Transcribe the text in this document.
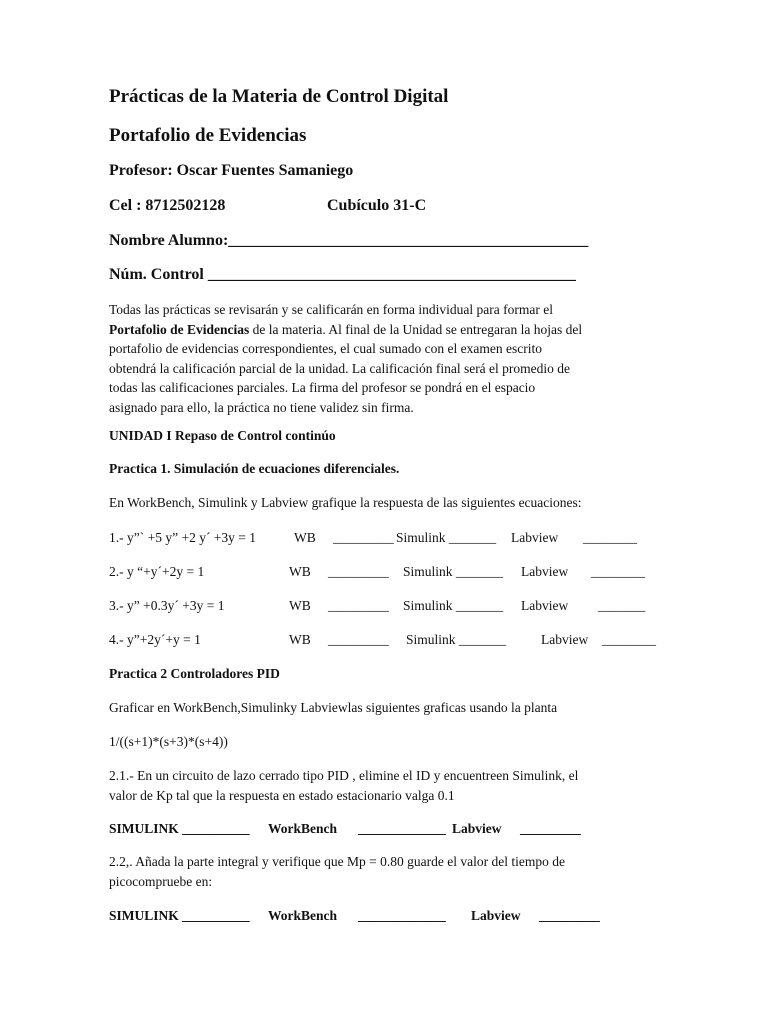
Prácticas de la Materia de Control Digital
Portafolio de Evidencias
Profesor: Oscar Fuentes Samaniego
Cel : 8712502128	Cubículo 31-C
Nombre Alumno:_____________________________________________
Núm. Control ______________________________________________
Todas las prácticas se revisarán y se calificarán en forma individual para formar el
Portafolio de Evidencias de la materia. Al final de la Unidad se entregaran la hojas del
portafolio de evidencias correspondientes, el cual sumado con el examen escrito
obtendrá la calificación parcial de la unidad. La calificación final será el promedio de
todas las calificaciones parciales. La firma del profesor se pondrá en el espacio
asignado para ello, la práctica no tiene validez sin firma.
UNIDAD I Repaso de Control continúo
Practica 1. Simulación de ecuaciones diferenciales.
En WorkBench, Simulink y Labview grafique la respuesta de las siguientes ecuaciones:
1.- y”` +5 y” +2 y´ +3y = 1	WB _________ Simulink _______ Labview ________
2.- y “+y´+2y = 1	WB _________ Simulink _______ Labview ________
3.- y” +0.3y´ +3y = 1	WB _________ Simulink _______ Labview _______
4.- y”+2y´+y = 1	WB _________ Simulink _______	Labview ________
Practica 2 Controladores PID
Graficar en WorkBench,Simulinky Labviewlas siguientes graficas usando la planta
1/((s+1)*(s+3)*(s+4))
2.1.- En un circuito de lazo cerrado tipo PID , elimine el ID y encuentreen Simulink, el
valor de Kp tal que la respuesta en estado estacionario valga 0.1
SIMULINK __________ WorkBench _____________ Labview _________
2.2,. Añada la parte integral y verifique que Mp = 0.80 guarde el valor del tiempo de
picocompruebe en:
SIMULINK __________ WorkBench _____________ Labview _________
